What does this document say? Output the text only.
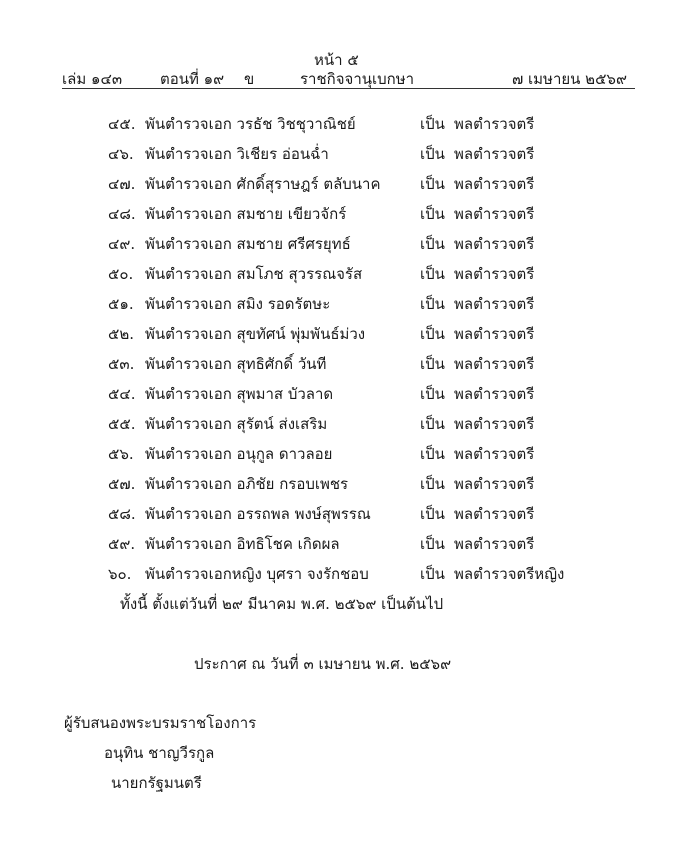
หน้า ๕
เล่ม ๑๔๓	ตอนที่ ๑๙ ข	ราชกิจจานุเบกษา	๗ เมษายน ๒๕๖๙
๔๕. พันตำรวจเอก วรธัช วิชชุวาณิชย์	เป็น พลตำรวจตรี
๔๖. พันตำรวจเอก วิเชียร อ่อนฉ่ำ	เป็น พลตำรวจตรี
๔๗. พันตำรวจเอก ศักดิ์สุราษฎร์ ตลับนาค	เป็น พลตำรวจตรี
๔๘. พันตำรวจเอก สมชาย เขียวจักร์	เป็น พลตำรวจตรี
๔๙. พันตำรวจเอก สมชาย ศรีศรยุทธ์	เป็น พลตำรวจตรี
๕๐. พันตำรวจเอก สมโภช สุวรรณจรัส	เป็น พลตำรวจตรี
๕๑. พันตำรวจเอก สมิง รอดรัตษะ	เป็น พลตำรวจตรี
๕๒. พันตำรวจเอก สุขทัศน์ พุ่มพันธ์ม่วง	เป็น พลตำรวจตรี
๕๓. พันตำรวจเอก สุทธิศักดิ์ วันที	เป็น พลตำรวจตรี
๕๔. พันตำรวจเอก สุพมาส บัวลาด	เป็น พลตำรวจตรี
๕๕. พันตำรวจเอก สุรัตน์ ส่งเสริม	เป็น พลตำรวจตรี
๕๖. พันตำรวจเอก อนุกูล ดาวลอย	เป็น พลตำรวจตรี
๕๗. พันตำรวจเอก อภิชัย กรอบเพชร	เป็น พลตำรวจตรี
๕๘. พันตำรวจเอก อรรถพล พงษ์สุพรรณ	เป็น พลตำรวจตรี
๕๙. พันตำรวจเอก อิทธิโชค เกิดผล	เป็น พลตำรวจตรี
๖๐. พันตำรวจเอกหญิง บุศรา จงรักชอบ	เป็น พลตำรวจตรีหญิง
ทั้งนี้ ตั้งแต่วันที่ ๒๙ มีนาคม พ.ศ. ๒๕๖๙ เป็นต้นไป
ประกาศ ณ วันที่ ๓ เมษายน พ.ศ. ๒๕๖๙
ผู้รับสนองพระบรมราชโองการ
อนุทิน ชาญวีรกูล
นายกรัฐมนตรี
